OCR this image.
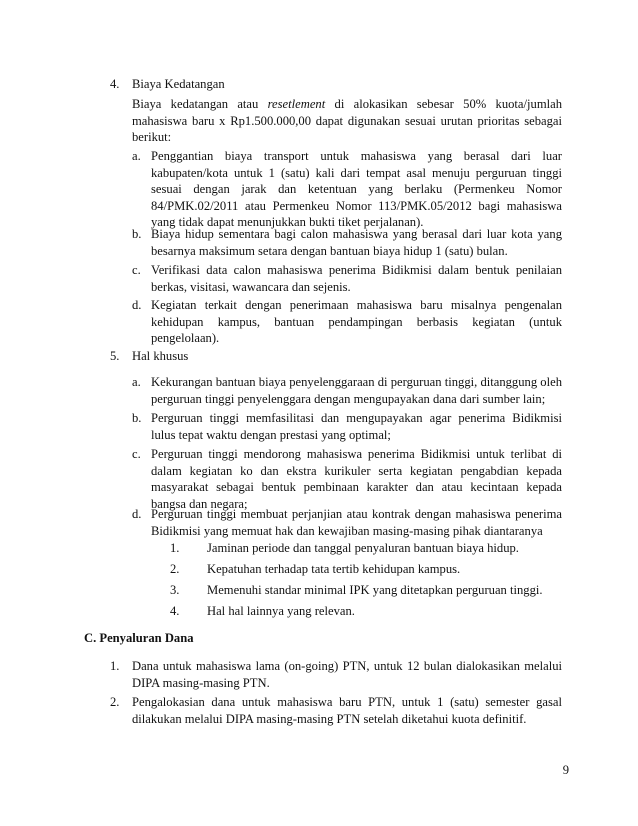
4. Biaya Kedatangan
Biaya kedatangan atau resetlement di alokasikan sebesar 50% kuota/jumlah mahasiswa baru x Rp1.500.000,00 dapat digunakan sesuai urutan prioritas sebagai berikut:
a. Penggantian biaya transport untuk mahasiswa yang berasal dari luar kabupaten/kota untuk 1 (satu) kali dari tempat asal menuju perguruan tinggi sesuai dengan jarak dan ketentuan yang berlaku (Permenkeu Nomor 84/PMK.02/2011 atau Permenkeu Nomor 113/PMK.05/2012 bagi mahasiswa yang tidak dapat menunjukkan bukti tiket perjalanan).
b. Biaya hidup sementara bagi calon mahasiswa yang berasal dari luar kota yang besarnya maksimum setara dengan bantuan biaya hidup 1 (satu) bulan.
c. Verifikasi data calon mahasiswa penerima Bidikmisi dalam bentuk penilaian berkas, visitasi, wawancara dan sejenis.
d. Kegiatan terkait dengan penerimaan mahasiswa baru misalnya pengenalan kehidupan kampus, bantuan pendampingan berbasis kegiatan (untuk pengelolaan).
5. Hal khusus
a. Kekurangan bantuan biaya penyelenggaraan di perguruan tinggi, ditanggung oleh perguruan tinggi penyelenggara dengan mengupayakan dana dari sumber lain;
b. Perguruan tinggi memfasilitasi dan mengupayakan agar penerima Bidikmisi lulus tepat waktu dengan prestasi yang optimal;
c. Perguruan tinggi mendorong mahasiswa penerima Bidikmisi untuk terlibat di dalam kegiatan ko dan ekstra kurikuler serta kegiatan pengabdian kepada masyarakat sebagai bentuk pembinaan karakter dan atau kecintaan kepada bangsa dan negara;
d. Perguruan tinggi membuat perjanjian atau kontrak dengan mahasiswa penerima Bidikmisi yang memuat hak dan kewajiban masing-masing pihak diantaranya
1.	Jaminan periode dan tanggal penyaluran bantuan biaya hidup.
2.	Kepatuhan terhadap tata tertib kehidupan kampus.
3.	Memenuhi standar minimal IPK yang ditetapkan perguruan tinggi.
4.	Hal hal lainnya yang relevan.
C. Penyaluran Dana
1. Dana untuk mahasiswa lama (on-going) PTN, untuk 12 bulan dialokasikan melalui DIPA masing-masing PTN.
2. Pengalokasian dana untuk mahasiswa baru PTN, untuk 1 (satu) semester gasal dilakukan melalui DIPA masing-masing PTN setelah diketahui kuota definitif.
9
